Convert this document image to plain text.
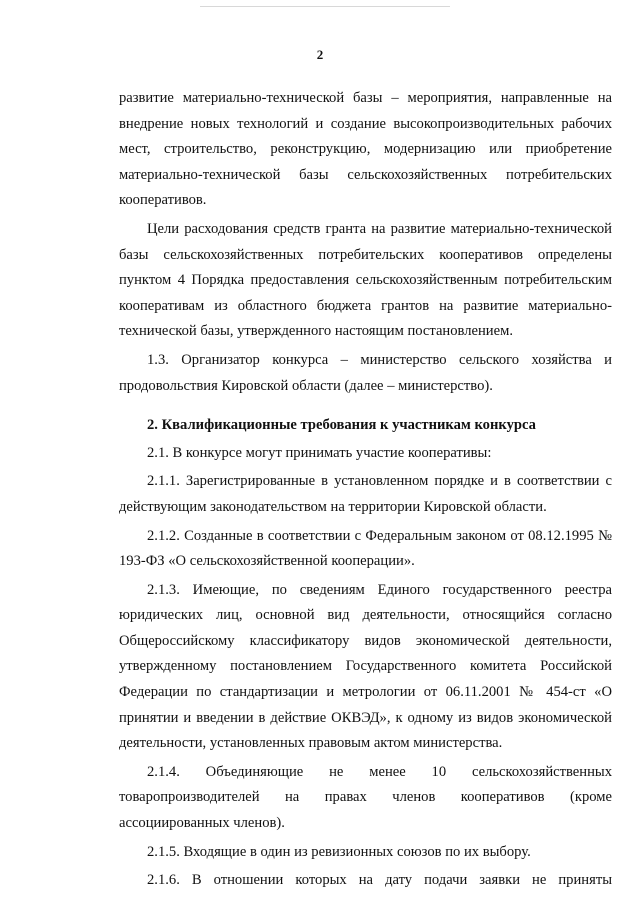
2

развитие материально-технической базы – мероприятия, направленные на внедрение новых технологий и создание высокопроизводительных рабочих мест, строительство, реконструкцию, модернизацию или приобретение материально-технической базы сельскохозяйственных потребительских кооперативов.

Цели расходования средств гранта на развитие материально-технической базы сельскохозяйственных потребительских кооперативов определены пунктом 4 Порядка предоставления сельскохозяйственным потребительским кооперативам из областного бюджета грантов на развитие материально-технической базы, утвержденного настоящим постановлением.

1.3. Организатор конкурса – министерство сельского хозяйства и продовольствия Кировской области (далее – министерство).

2. Квалификационные требования к участникам конкурса

2.1. В конкурсе могут принимать участие кооперативы:

2.1.1. Зарегистрированные в установленном порядке и в соответствии с действующим законодательством на территории Кировской области.

2.1.2. Созданные в соответствии с Федеральным законом от 08.12.1995 № 193-ФЗ «О сельскохозяйственной кооперации».

2.1.3. Имеющие, по сведениям Единого государственного реестра юридических лиц, основной вид деятельности, относящийся согласно Общероссийскому классификатору видов экономической деятельности, утвержденному постановлением Государственного комитета Российской Федерации по стандартизации и метрологии от 06.11.2001 № 454-ст «О принятии и введении в действие ОКВЭД», к одному из видов экономической деятельности, установленных правовым актом министерства.

2.1.4. Объединяющие не менее 10 сельскохозяйственных товаропроизводителей на правах членов кооперативов (кроме ассоциированных членов).

2.1.5. Входящие в один из ревизионных союзов по их выбору.

2.1.6. В отношении которых на дату подачи заявки не приняты
